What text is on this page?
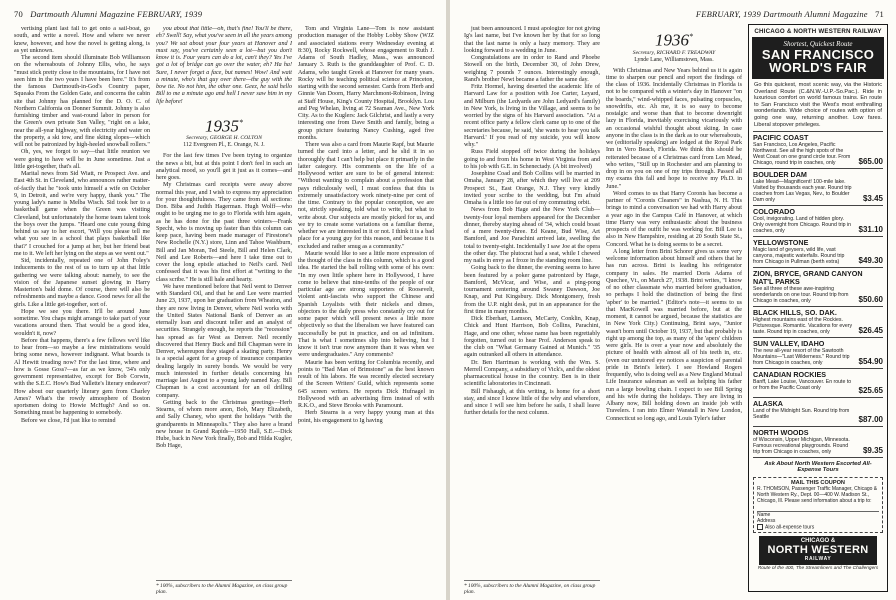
70 Dartmouth Alumni Magazine FEBRUARY, 1939	FEBRUARY, 1939 Dartmouth Alumni Magazine 71

vertising plant last fall to get onto a sail-boat, go south, and write a novel. How and where we never knew, however, and how the novel is getting along, is as yet unknown.

The second item should illuminate Bob Williamson on the whereabouts of Johnny Ellis, who, he says "must stick pretty close to the mountains, for I have not seen him in the two years I have been here." It's from the famous Dartmouth-in-God's Country paper, Squeaks From the Golden Gate, and concerns the cabin site that Johnny has planned for the D. O. C. of Northern California on Donner Summit. Johnny is also furnishing timber and vast-round labor in person for the Green's own private Sun Valley, "right on a lake, near the all-year highway, with electricity and water on the property, a ski tow, and fine skiing slopes—which will not be patronized by high-heeled snowball rollers."

Oh, yes, we forgot to say—that little reunion we were going to have will be in June sometime. Just a little get-together, that's all.

Marital news from Sid Wiatt, re Prospect Ave. and East 4th St. in Cleveland, who announces rather matter-of-factly that he "took unto himself a wife on October 9, in Detroit, and we're very happy, thank you." The young lady's name is Melba Wisch. Sid took her to a basketball game when the Green was visiting Cleveland, but unfortunately the home team talent took the boys over the jumps. "Heard one cute young thing behind us say to her escort, 'Will you please tell me what you see in a school that plays basketball like that?' I crouched for a jump at her, but her friend beat me to it. We left her lying on the steps as we went out."

Sid, incidentally, repeated one of John Foley's inducements to the rest of us to turn up at that little gathering we were talking about: namely, to see the vision of the Japanese sunset glowing in Harry Masterton's bald dome. Of course, there will also be refreshments and maybe a dance. Good news for all the girls. Like a little get-together, sort of.

Hope we see you there. It'll be around June sometime. You chaps might arrange to take part of your vacations around then. That would be a good idea, wouldn't it, now?

Before that happens, there's a few fellows we'd like to hear from—so maybe a few ministrations would bring some news, however indignant. What boards is Al Hewitt treading now? For the last time, where and how is Gosse Goss?—as far as we know, '34's only government representative, except for Bob Corwin, with the S.E.C. How's Bud Vallette's literary endeavor? How about our quarterly literary gem from Charley Ames? What's the rowdy atmosphere of Boston sportsmen doing to Howie McHugh? And so on. Something must be happening to somebody.

Before we close, I'd just like to remind

you about that little—oh, that's fine! You'll be there, eh? Swell! Say, what you've seen in all the years among you? We sat about your four years at Hanover and I must say, you've certainly seen a lot—but you don't know it is. Four years can do a lot, can't they? Yes I've got a lot of bridge can go over the water, eh? Ha ha! Sure, I never forget a face, but names! Wow! And wait a minute, who's that guy over there—the guy with the bow tie. No not him, the other one. Geez, he said hello Bill to me a minute ago and hell I never saw him in my life before!

1935*
Secretary, GEORGE H. COLTON
112 Evergreen Pl., E. Orange, N. J.

For the last few times I've been trying to organize the news a bit, but at this point I don't feel in such an analytical mood, so you'll get it just as it comes—and here goes.

My Christmas card receipts were away above normal this year, and I wish to express my appreciation for your thoughtfulness. They came from all sections: Don. Biba and Judith Hagerman. Hugh Wolff—who ought to be urging me to go to Florida with him again, as he has done for the past three winters—Frank Specht, who is moving up faster than this column can keep pace, having been made manager of Firestone's New Rochelle (N.Y.) store, Linn and Tahoe Washburn, Bill and Jan Moran, Ted Steele, Bill and Helen Clark, Neil and Lee Roberts—and here I take time out to cover the long epistle attached to Neil's card. Neil confessed that it was his first effort at "writing to the class scribe." He is still hale and hearty.

We have mentioned before that Neil went to Denver with Standard Oil, and that he and Lee were married June 23, 1937, upon her graduation from Wheaton, and they are now living in Denver, where Neil works with the United States National Bank of Denver as an eternally loan and discount teller and an analyst of securities. Strangely enough, he reports the "recession" has spread as far West as Denver. Neil recently discovered that Henry Buck and Bill Chapman were in Denver, whereupon they staged a skating party. Henry is a special agent for a group of insurance companies dealing largely in surety bonds. We would be very much interested in further details concerning his marriage last August to a young lady named Kay. Bill Chapman is a cost accountant for an oil drilling company.

Getting back to the Christmas greetings—Herb Stearns, of whom more anon, Bob, Mary Elizabeth, and Sally Chaney, who spent the holidays "with the grandparents in Minneapolis." They also have a brand new house in Grand Rapids—1950 Hall, S.E.—Dick Hube, back in New York finally, Bob and Hilda Kugler, Bob Hage,

* 100%, subscribers to the Alumni Magazine, on class group plan.

Tom and Virginia Lane—Tom is now assistant production manager of the Hobby Lobby Show (WJZ and associated stations every Wednesday evening at 8:30), Rocky Rockwell, whose engagement to Ruth J. Adams of South Hadley, Mass., was announced January 3. Ruth is the granddaughter of Prof. C. D. Adams, who taught Greek at Hanover for many years. Rocky will be teaching political science at Princeton, starting with the second semester. Cards from Herb and Ginnie Van Doorn, Harry Marchmont-Robinson, living at Staff House, King's County Hospital, Brooklyn. Lou and Peg Whelan, living at 72 Seaman Ave., New York City. As to the Kuglers: Jack Gilchrist, and lastly a very interesting one from Dave Smith and family, being a group picture featuring Nancy Cushing, aged five months.

There was also a card from Maurie Rapf, but Maurie turned the card into a letter, and he slid it in so thoroughly that I can't help but place it primarily in the latter category. His comments on the life of a Hollywood writer are sure to be of general interest: "Without wanting to complain about a profession that pays ridiculously well, I must confess that this is extremely unsatisfactory work ninety-nine per cent of the time. Contrary to the popular conception, we are not, strictly speaking, told what to write, but what to write about. Our subjects are mostly picked for us, and we try to create some variations on a familiar theme, whether we are interested in it or not. I think it is a bad place for a young guy for this reason, and because it is excluded and rather smug as a community."

Maurie would like to see a little more expression of the thought of the class in this column, which is a good idea. He started the ball rolling with some of his own: "In my own little sphere here in Hollywood, I have come to believe that nine-tenths of the people of our particular age are strong supporters of Roosevelt, violent anti-fascists who support the Chinese and Spanish Loyalists with their nickels and dimes, objectors to the daily press who constantly cry out for some paper which will present news a little more objectively so that the liberalism we have featured can successfully be put in practice, and on ad infinitum. That is what I sometimes slip into believing, but I know it isn't true now anymore than it was when we were undergraduates." Any comments?

Maurie has been writing for Columbia recently, and points to "Bad Man of Brimstone" as the best known result of his labors. He was recently elected secretary of the Screen Writers' Guild, which represents some 645 screen writers. He reports Dick Hufnagel in Hollywood with an advertising firm instead of with R.K.O., and Steve Brooks with Paramount.

Herb Stearns is a very happy young man at this point, his engagement to Ig having

just been announced. I must apologize for not giving Ig's last name, but I've known her by that for so long that the last name is only a hazy memory. They are looking forward to a wedding in June.

Congratulations are in order to Rand and Phoebe Stowell on the birth, December 30, of John Drew, weighing 7 pounds 7 ounces. Interestingly enough, Rand's brother Newt became a father the same day.

Fritz Hormel, having deserted the academic life of Harvard Law for a position with Joe Carter, Leyard, and Milburn (the Ledyards are John Ledyard's family) in New York, is living in the Village, and seems to be worried by the signs of his Harvard association. "At a recent office party a fellow clerk came up to one of the secretaries because, he said, 'she wants to hear you talk Harvard.' If you read of my suicide, you will know why."

Russ Field stopped off twice during the holidays going to and from his home in West Virginia from and to his job with G.E. in Schenectady. (A bit involved)

Josephine Coad and Bob Collins will be married in Omaha, January 28, after which they will live at 209 Prospect St., East Orange, N.J. They very kindly invited your scribe to the wedding, but I'm afraid Omaha is a little too far out of my commuting orbit.

News from Bob Hage and the New York Club—twenty-four loyal members appeared for the December dinner, thereby staying ahead of '34, which could boast of a mere twenty-three. Ed Keane, Bud Wise, Art Bamford, and Joe Parachini arrived late, swelling the total to twenty-eight. Incidentally I saw Joe at the opera the other day. The plutocrat had a seat, while I chewed my nails in envy as I froze in the standing room line.

Going back to the dinner, the evening seems to have been featured by a poker game patronized by Hage, Bamford, McVicar, and Wise, and a ping-pong tournament centering around Swaney Dawson, Joe Knap, and Put Kingsbury. Dick Montgomery, fresh from the U.P. night desk, put in an appearance for the first time in many months.

Dick Eberhart, Lamson, McCarty, Conklin, Knap, Chick and Hunt Harrison, Bob Collins, Parachini, Hage, and one other, whose name has been regrettably forgotten, turned out to hear Prof. Anderson speak to the club on "What Germany Gained at Munich." '35 again outranked all others in attendance.

Dr. Ben Harriman is working with the Wm. S. Merrell Company, a subsidiary of Vick's, and the oldest pharmaceutical house in the country. Ben is in their scientific laboratories in Cincinnati.

Bill Fishaugh, at this writing, is home for a short stay, and since I know little of the why and wherefore, and since I will see him before he sails, I shall leave further details for the next column.

* 100%, subscribers to the Alumni Magazine, on class group plan.
1936*
Secretary, RICHARD F. TREADWAY
Lynde Lane, Williamstown, Mass.

With Christmas and New Years behind us it is again time to sharpen our pencil and report the findings of the class of 1936. Incidentally Christmas in Florida is not to be compared with a winter's day in Hanover "on the boards," wind-whipped faces, pulsating corpuscles, snowdrifts, etc. Ah me, it is so easy to become nostalgic and worse than that to become downright lazy in Florida, inevitably exercising vicariously with an occasional wishful thought about skiing. In case anyone in the class is in the dark as to our whereabouts, we (editorially speaking) are lodged at the Royal Park Inn in Vero Beach, Florida. We think this should be reiterated because of a Christmas card from Len Mead, who writes, "Still up in Rochester and am planning to drop in on you on one of my trips through. Passed all my exams this fall and hope to receive my Ph.D. in June."

Word comes to us that Harry Coronis has become a partner of "Coronis Cleaners" in Nashua, N. H. This brings to mind a conversation we had with Harry about a year ago in the Campus Café in Hanover, at which time Harry was very enthusiastic about the business prospects of the outfit he was working for. Bill Lee is also in New Hampshire, residing at 20 South State St., Concord. What he is doing seems to be a secret.

A long letter from Brini Schorer gives us some very welcome information about himself and others that he has run across. Brini is leading his refrigerator company in sales. He married Doris Adams of Quechee, Vt., on March 27, 1938. Brini writes, "I know of no other classmate who married before graduation, so perhaps I hold the distinction of being the first 'apber' to be married." (Editor's note—it seems to us that MacKowell was married before, but at the moment, it cannot be argued, because the statistics are in New York City.) Continuing, Brini says, "Junior wasn't born until October 19, 1937, but that probably is right up among the top, as many of the 'apers' children were girls. He is over a year now and absolutely the picture of health with almost all of his teeth in, etc. (even our untutored eye notices a suspicion of parental pride in Brini's letter). I see Howland Rogers frequently, who is doing well as a New England Mutual Life Insurance salesman as well as helping his father run a large bowling chain. I expect to see Bill Spring and his wife during the holidays. They are living in Albany now, Bill holding down an inside job with Travelers. I ran into Elmer Wanstall in New London, Connecticut so long ago, and Louis Tyler's father

CHICAGO & NORTH WESTERN RAILWAY
Shortest, Quickest Route
SAN FRANCISCO
WORLD'S FAIR
Go this quickest, most scenic way, via the Historic Overland Route (C.&N.W.-U.P.-So.Pac.). Ride in luxurious comfort on world famous trains. En route to San Francisco visit the West's most enthralling wonderlands. Wide choice of routes with option of going one way, returning another. Low fares. Liberal stopover privileges.
PACIFIC COAST
San Francisco, Los Angeles, Pacific Northwest. See all the high spots of the West Coast on one grand circle tour. From Chicago, round trip in coaches, only	$65.00
BOULDER DAM
Lake Mead—Magnificent! 100-mile lake. Visited by thousands each year. Round trip coaches from Las Vegas, Nev., to Boulder Dam only	$3.45
COLORADO
Cool, invigorating. Land of hidden glory. Only overnight from Chicago. Round trip in coaches, only	$31.10
YELLOWSTONE
Magic land of geysers, wild life, vast canyons, majestic waterfalls. Round trip from Chicago in Pullman (berth extra)	$49.30
ZION, BRYCE, GRAND CANYON NAT'L PARKS
See all three of these awe-inspiring wonderlands on one tour. Round trip from Chicago in coaches, only	$50.60
BLACK HILLS, SO. DAK.
Highest mountains east of the Rockies. Picturesque. Romantic. Vacations for every taste. Round trip in coaches, only	$26.45
SUN VALLEY, IDAHO
The new all-year resort of the Sawtooth Mountains—"Last Wilderness." Round trip from Chicago in coaches, only	$54.90
CANADIAN ROCKIES
Banff, Lake Louise, Vancouver. En route to or from the Pacific Coast only	$25.65
ALASKA
Land of the Midnight Sun. Round trip from Seattle	$87.00
NORTH WOODS
of Wisconsin, Upper Michigan, Minnesota. Famous recreational playgrounds. Round trip from Chicago in coaches, only	$9.35
Ask About North Western Escorted All-Expense Tours
MAIL THIS COUPON
R. THOMSON, Passenger Traffic Manager, Chicago & North Western Ry., Dept. 00—400 W. Madison St., Chicago, Ill. Please send information about a trip to:
Name
Address
Also all-expense tours
CHICAGO &
NORTH WESTERN
RAILWAY
Route of the 400, The Streamliners and The Challengers
